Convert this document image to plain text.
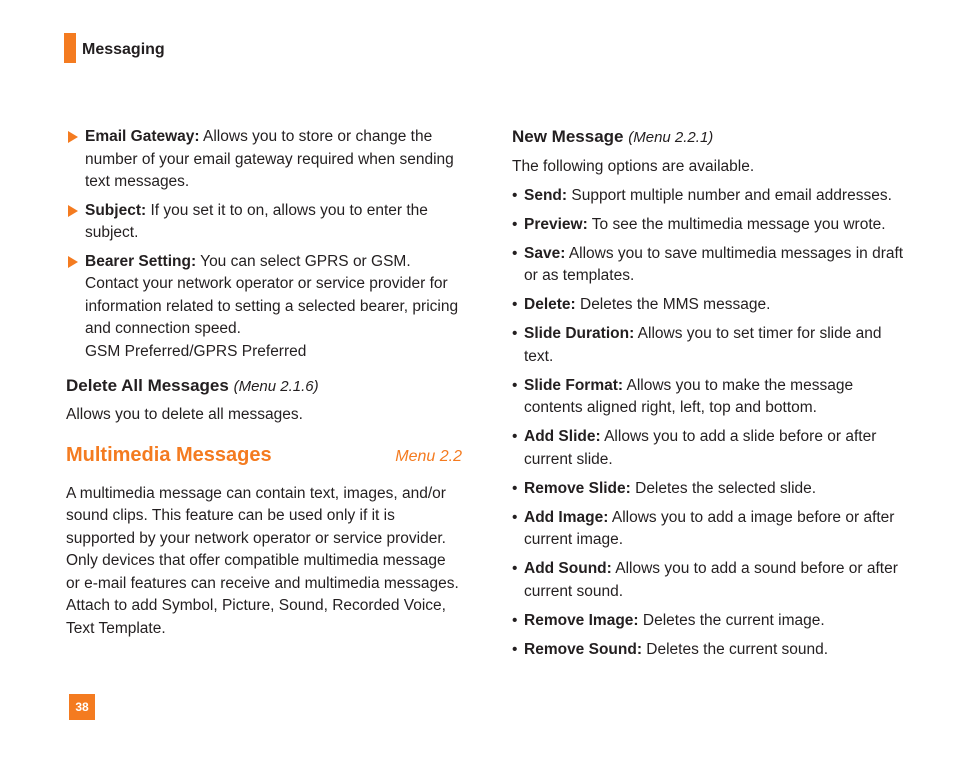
Messaging
Email Gateway: Allows you to store or change the number of your email gateway required when sending text messages.
Subject: If you set it to on, allows you to enter the subject.
Bearer Setting: You can select GPRS or GSM. Contact your network operator or service provider for information related to setting a selected bearer, pricing and connection speed.
GSM Preferred/GPRS Preferred
Delete All Messages (Menu 2.1.6)

Allows you to delete all messages.

Multimedia Messages	Menu 2.2

A multimedia message can contain text, images, and/or sound clips. This feature can be used only if it is supported by your network operator or service provider. Only devices that offer compatible multimedia message or e-mail features can receive and multimedia messages. Attach to add Symbol, Picture, Sound, Recorded Voice, Text Template.

New Message (Menu 2.2.1)
The following options are available.
• Send: Support multiple number and email addresses.
• Preview: To see the multimedia message you wrote.
• Save: Allows you to save multimedia messages in draft or as templates.
• Delete: Deletes the MMS message.
• Slide Duration: Allows you to set timer for slide and text.
• Slide Format: Allows you to make the message contents aligned right, left, top and bottom.
• Add Slide: Allows you to add a slide before or after current slide.
• Remove Slide: Deletes the selected slide.
• Add Image: Allows you to add a image before or after current image.
• Add Sound: Allows you to add a sound before or after current sound.
• Remove Image: Deletes the current image.
• Remove Sound: Deletes the current sound.
38
